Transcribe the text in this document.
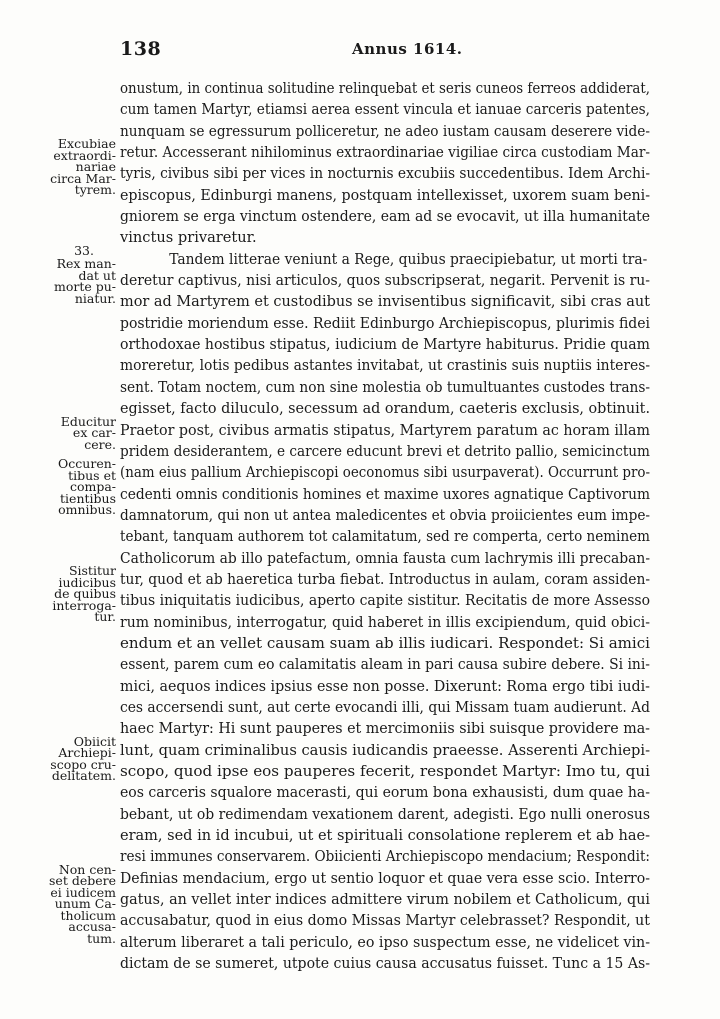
138	Annus 1614.
Excubiae
extraordi-
nariae
circa Mar-
tyrem.
33.
Rex man-
dat ut
morte pu-
niatur.
Educitur
ex car-
cere.
Occuren-
tibus et
compa-
tientibus
omnibus.
Sistitur
iudicibus
de quibus
interroga-
tur.
Obiicit
Archiepi-
scopo cru-
delitatem.
Non cen-
set debere
ei iudicem
unum Ca-
tholicum
accusa-
tum.
onustum, in continua solitudine relinquebat et seris cuneos ferreos addiderat,
cum tamen Martyr, etiamsi aerea essent vincula et ianuae carceris patentes,
nunquam se egressurum polliceretur, ne adeo iustam causam deserere vide-
retur. Accesserant nihilominus extraordinariae vigiliae circa custodiam Mar-
tyris, civibus sibi per vices in nocturnis excubiis succedentibus. Idem Archi-
episcopus, Edinburgi manens, postquam intellexisset, uxorem suam beni-
gniorem se erga vinctum ostendere, eam ad se evocavit, ut illa humanitate
vinctus privaretur.
Tandem litterae veniunt a Rege, quibus praecipiebatur, ut morti tra-
deretur captivus, nisi articulos, quos subscripserat, negarit. Pervenit is ru-
mor ad Martyrem et custodibus se invisentibus significavit, sibi cras aut
postridie moriendum esse. Rediit Edinburgo Archiepiscopus, plurimis fidei
orthodoxae hostibus stipatus, iudicium de Martyre habiturus. Pridie quam
moreretur, lotis pedibus astantes invitabat, ut crastinis suis nuptiis interes-
sent. Totam noctem, cum non sine molestia ob tumultuantes custodes trans-
egisset, facto diluculo, secessum ad orandum, caeteris exclusis, obtinuit.
Praetor post, civibus armatis stipatus, Martyrem paratum ac horam illam
pridem desiderantem, e carcere educunt brevi et detrito pallio, semicinctum
(nam eius pallium Archiepiscopi oeconomus sibi usurpaverat). Occurrunt pro-
cedenti omnis conditionis homines et maxime uxores agnatique Captivorum
damnatorum, qui non ut antea maledicentes et obvia proiicientes eum impe-
tebant, tanquam authorem tot calamitatum, sed re comperta, certo neminem
Catholicorum ab illo patefactum, omnia fausta cum lachrymis illi precaban-
tur, quod et ab haeretica turba fiebat. Introductus in aulam, coram assiden-
tibus iniquitatis iudicibus, aperto capite sistitur. Recitatis de more Assesso
rum nominibus, interrogatur, quid haberet in illis excipiendum, quid obici-
endum et an vellet causam suam ab illis iudicari. Respondet: Si amici
essent, parem cum eo calamitatis aleam in pari causa subire debere. Si ini-
mici, aequos indices ipsius esse non posse. Dixerunt: Roma ergo tibi iudi-
ces accersendi sunt, aut certe evocandi illi, qui Missam tuam audierunt. Ad
haec Martyr: Hi sunt pauperes et mercimoniis sibi suisque providere ma-
lunt, quam criminalibus causis iudicandis praeesse. Asserenti Archiepi-
scopo, quod ipse eos pauperes fecerit, respondet Martyr: Imo tu, qui
eos carceris squalore macerasti, qui eorum bona exhausisti, dum quae ha-
bebant, ut ob redimendam vexationem darent, adegisti. Ego nulli onerosus
eram, sed in id incubui, ut et spirituali consolatione replerem et ab hae-
resi immunes conservarem. Obiicienti Archiepiscopo mendacium; Respondit:
Definias mendacium, ergo ut sentio loquor et quae vera esse scio. Interro-
gatus, an vellet inter indices admittere virum nobilem et Catholicum, qui
accusabatur, quod in eius domo Missas Martyr celebrasset? Respondit, ut
alterum liberaret a tali periculo, eo ipso suspectum esse, ne videlicet vin-
dictam de se sumeret, utpote cuius causa accusatus fuisset. Tunc a 15 As-
